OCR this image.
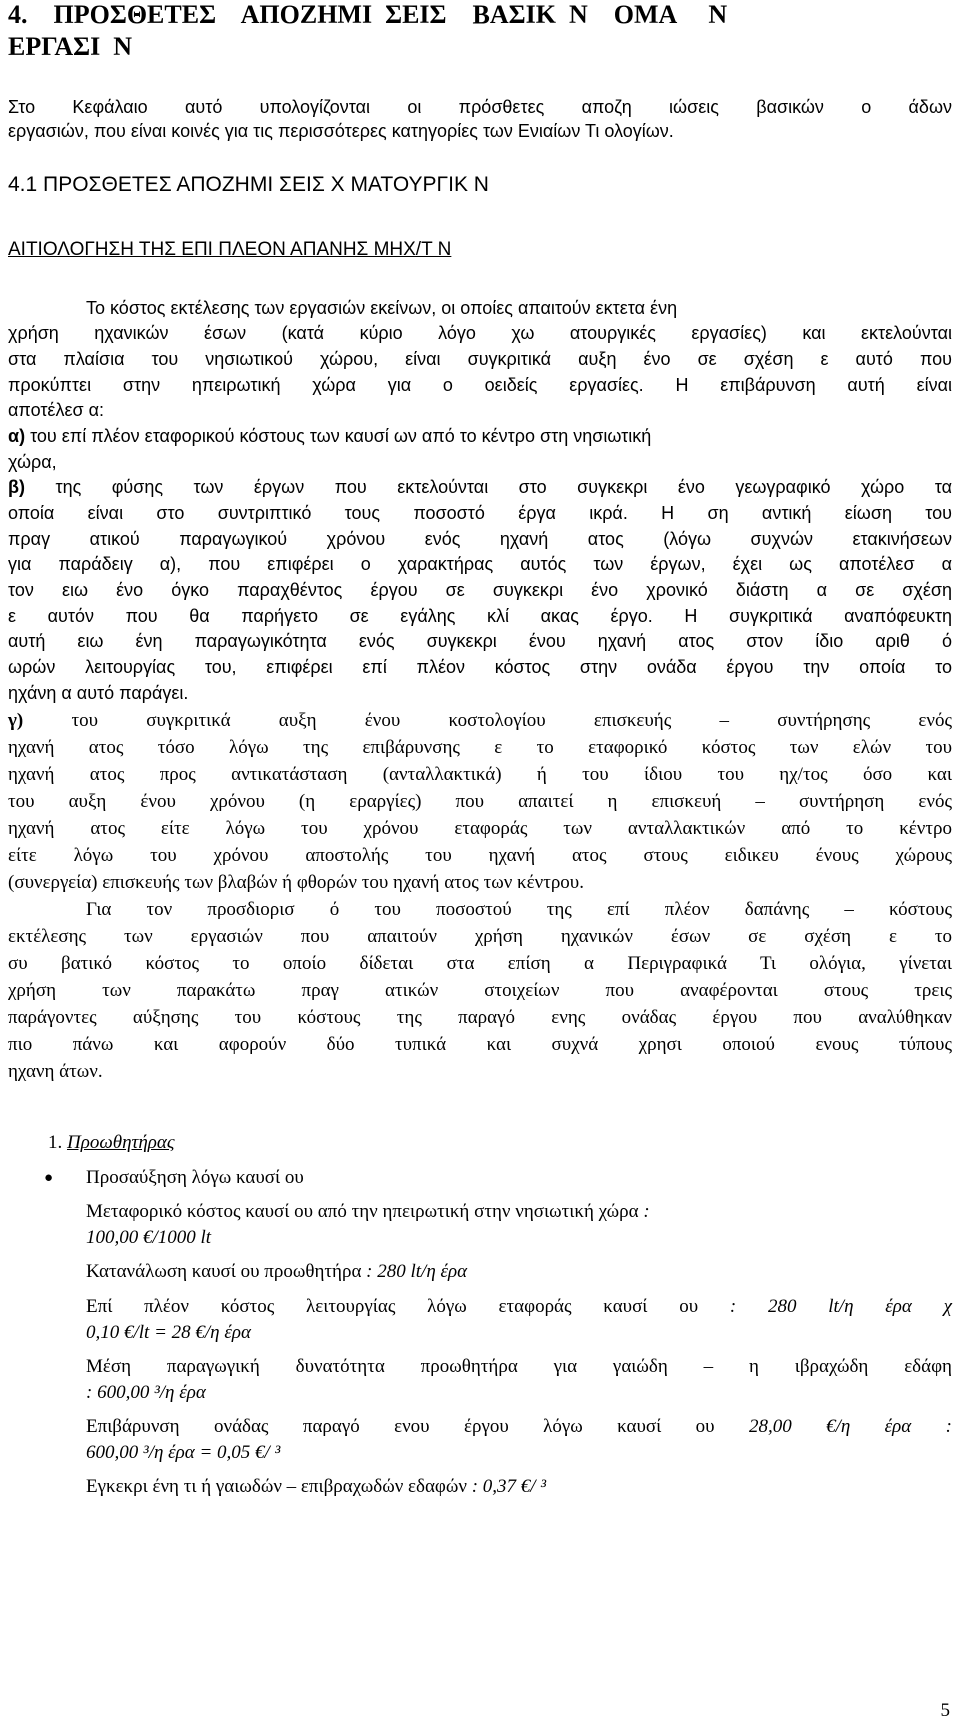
4.    ΠΡΟΣΘΕΤΕΣ    ΑΠΟΖΗΜΙ  ΣΕΙΣ    ΒΑΣΙΚ  Ν    ΟΜΑ     Ν
ΕΡΓΑΣΙ  Ν
Στο Κεφάλαιο αυτό υπολογίζονται οι πρόσθετες αποζη ιώσεις βασικών ο άδων
εργασιών, που είναι κοινές για τις περισσότερες κατηγορίες των Ενιαίων Τι ολογίων.
4.1 ΠΡΟΣΘΕΤΕΣ ΑΠΟΖΗΜΙ ΣΕΙΣ Χ ΜΑΤΟΥΡΓΙΚ Ν
ΑΙΤΙΟΛΟΓΗΣΗ ΤΗΣ ΕΠΙ ΠΛΕΟΝ ΑΠΑΝΗΣ ΜΗΧ/Τ Ν
Το κόστος εκτέλεσης των εργασιών εκείνων, οι οποίες απαιτούν εκτετα ένη
χρήση ηχανικών έσων (κατά κύριο λόγο χω ατουργικές εργασίες) και εκτελούνται
στα πλαίσια του νησιωτικού χώρου, είναι συγκριτικά αυξη ένο σε σχέση ε αυτό που
προκύπτει στην ηπειρωτική χώρα για ο οειδείς εργασίες. Η επιβάρυνση αυτή είναι
αποτέλεσ α:
α) του επί πλέον εταφορικού κόστους των καυσί ων από το κέντρο στη νησιωτική
χώρα,
β) της φύσης των έργων που εκτελούνται στο συγκεκρι ένο γεωγραφικό χώρο τα
οποία είναι στο συντριπτικό τους ποσοστό έργα ικρά. Η ση αντική είωση του
πραγ ατικού παραγωγικού χρόνου ενός ηχανή ατος (λόγω συχνών ετακινήσεων
για παράδειγ α), που επιφέρει ο χαρακτήρας αυτός των έργων, έχει ως αποτέλεσ α
τον ειω ένο όγκο παραχθέντος έργου σε συγκεκρι ένο χρονικό διάστη α σε σχέση
ε αυτόν που θα παρήγετο σε εγάλης κλί ακας έργο. Η συγκριτικά αναπόφευκτη
αυτή ειω ένη παραγωγικότητα ενός συγκεκρι ένου ηχανή ατος στον ίδιο αριθ ό
ωρών λειτουργίας του, επιφέρει επί πλέον κόστος στην ονάδα έργου την οποία το
ηχάνη α αυτό παράγει.
γ) του συγκριτικά αυξη ένου κοστολογίου επισκευής – συντήρησης ενός
ηχανή ατος τόσο λόγω της επιβάρυνσης ε το εταφορικό κόστος των ελών του
ηχανή ατος προς αντικατάσταση (ανταλλακτικά) ή του ίδιου του ηχ/τος όσο και
του αυξη ένου χρόνου (η εραργίες) που απαιτεί η επισκευή – συντήρηση ενός
ηχανή ατος είτε λόγω του χρόνου εταφοράς των ανταλλακτικών από το κέντρο
είτε λόγω του χρόνου αποστολής του ηχανή ατος στους ειδικευ ένους χώρους
(συνεργεία) επισκευής των βλαβών ή φθορών του ηχανή ατος των κέντρου.
Για τον προσδιορισ ό του ποσοστού της επί πλέον δαπάνης – κόστους
εκτέλεσης των εργασιών που απαιτούν χρήση ηχανικών έσων σε σχέση ε το
συ βατικό κόστος το οποίο δίδεται στα επίση α Περιγραφικά Τι ολόγια, γίνεται
χρήση των παρακάτω πραγ ατικών στοιχείων που αναφέρονται στους τρεις
παράγοντες αύξησης του κόστους της παραγό ενης ονάδας έργου που αναλύθηκαν
πιο πάνω και αφορούν δύο τυπικά και συχνά χρησι οποιού ενους τύπους
ηχανη άτων.
1. Προωθητήρας
● Προσαύξηση λόγω καυσί ου
Μεταφορικό κόστος καυσί ου από την ηπειρωτική στην νησιωτική χώρα :
100,00 €/1000 lt
Κατανάλωση καυσί ου προωθητήρα : 280 lt/η έρα
Επί πλέον κόστος λειτουργίας λόγω εταφοράς καυσί ου : 280 lt/η έρα χ
0,10 €/lt = 28 €/η έρα
Μέση παραγωγική δυνατότητα προωθητήρα για γαιώδη – η ιβραχώδη εδάφη
: 600,00 ³/η έρα
Επιβάρυνση ονάδας παραγό ενου έργου λόγω καυσί ου 28,00 €/η έρα :
600,00 ³/η έρα = 0,05 €/ ³
Εγκεκρι ένη τι ή γαιωδών – επιβραχωδών εδαφών : 0,37 €/ ³
5
